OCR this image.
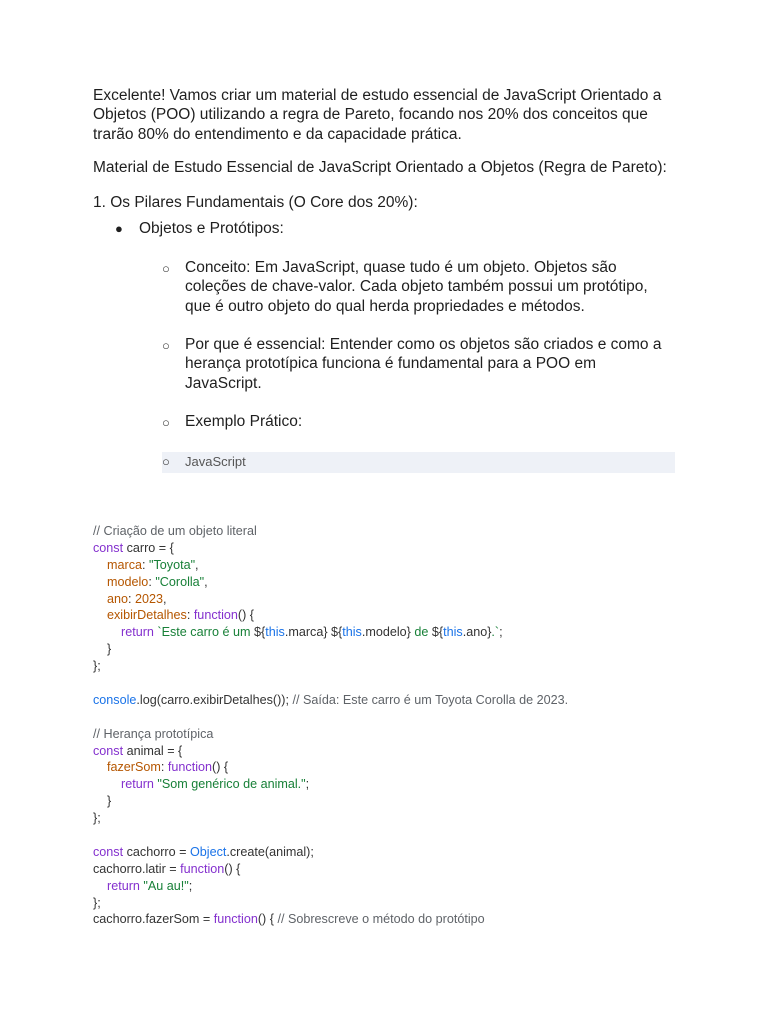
Excelente! Vamos criar um material de estudo essencial de JavaScript Orientado a Objetos (POO) utilizando a regra de Pareto, focando nos 20% dos conceitos que trarão 80% do entendimento e da capacidade prática.

Material de Estudo Essencial de JavaScript Orientado a Objetos (Regra de Pareto):

1. Os Pilares Fundamentais (O Core dos 20%):

● Objetos e Protótipos:
○ Conceito: Em JavaScript, quase tudo é um objeto. Objetos são coleções de chave-valor. Cada objeto também possui um protótipo, que é outro objeto do qual herda propriedades e métodos.
○ Por que é essencial: Entender como os objetos são criados e como a herança prototípica funciona é fundamental para a POO em JavaScript.
○ Exemplo Prático:
○ JavaScript
// Criação de um objeto literal
const carro = {
marca: "Toyota",
modelo: "Corolla",
ano: 2023,
exibirDetalhes: function() {
return `Este carro é um ${this.marca} ${this.modelo} de ${this.ano}.`;
}
};
console.log(carro.exibirDetalhes()); // Saída: Este carro é um Toyota Corolla de 2023.
// Herança prototípica
const animal = {
fazerSom: function() {
return "Som genérico de animal.";
}
};
const cachorro = Object.create(animal);
cachorro.latir = function() {
return "Au au!";
};
cachorro.fazerSom = function() { // Sobrescreve o método do protótipo
